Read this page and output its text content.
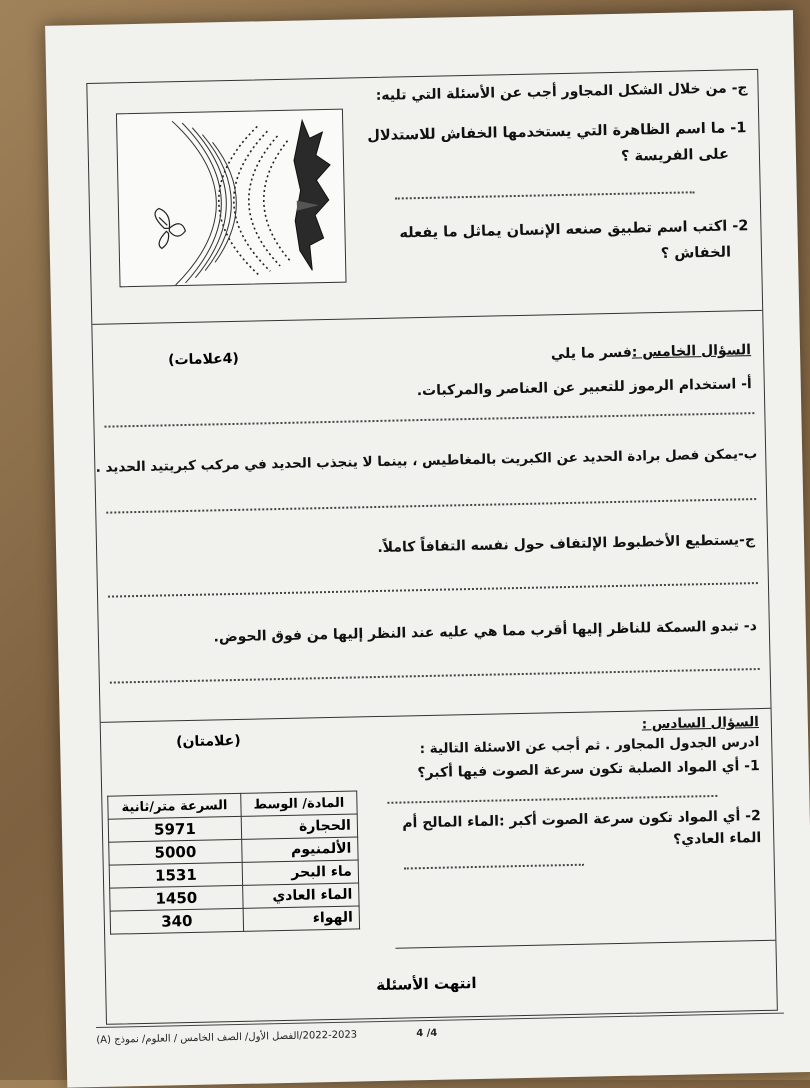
ج- من خلال الشكل المجاور أجب عن الأسئلة التي تليه:
1- ما اسم الظاهرة التي يستخدمها الخفاش للاستدلال
على الفريسة ؟
2- اكتب اسم تطبيق صنعه الإنسان يماثل ما يفعله
الخفاش ؟
السؤال الخامس :فسر ما يلي
(4علامات)
أ- استخدام الرموز للتعبير عن العناصر والمركبات.
ب-يمكن فصل برادة الحديد عن الكبريت بالمغاطيس ، بينما لا ينجذب الحديد في مركب كبريتيد الحديد .
ج-يستطيع الأخطبوط الإلتفاف حول نفسه التفافاً كاملاً.
د- تبدو السمكة للناظر إليها أقرب مما هي عليه عند النظر إليها من فوق الحوض.
السؤال السادس :
(علامتان)	ادرس الجدول المجاور . ثم أجب عن الاسئلة التالية :
1- أي المواد الصلبة تكون سرعة الصوت فيها أكبر؟
2- أي المواد تكون سرعة الصوت أكبر :الماء المالح أم
الماء العادي؟
المادة/ الوسط	السرعة متر/ثانية
الحجارة	5971
الألمنيوم	5000
ماء البحر	1531
الماء العادي	1450
الهواء	340
انتهت الأسئلة
4 /4
2022-2023/الفصل الأول/ الصف الخامس / العلوم/ نموذج (A)
